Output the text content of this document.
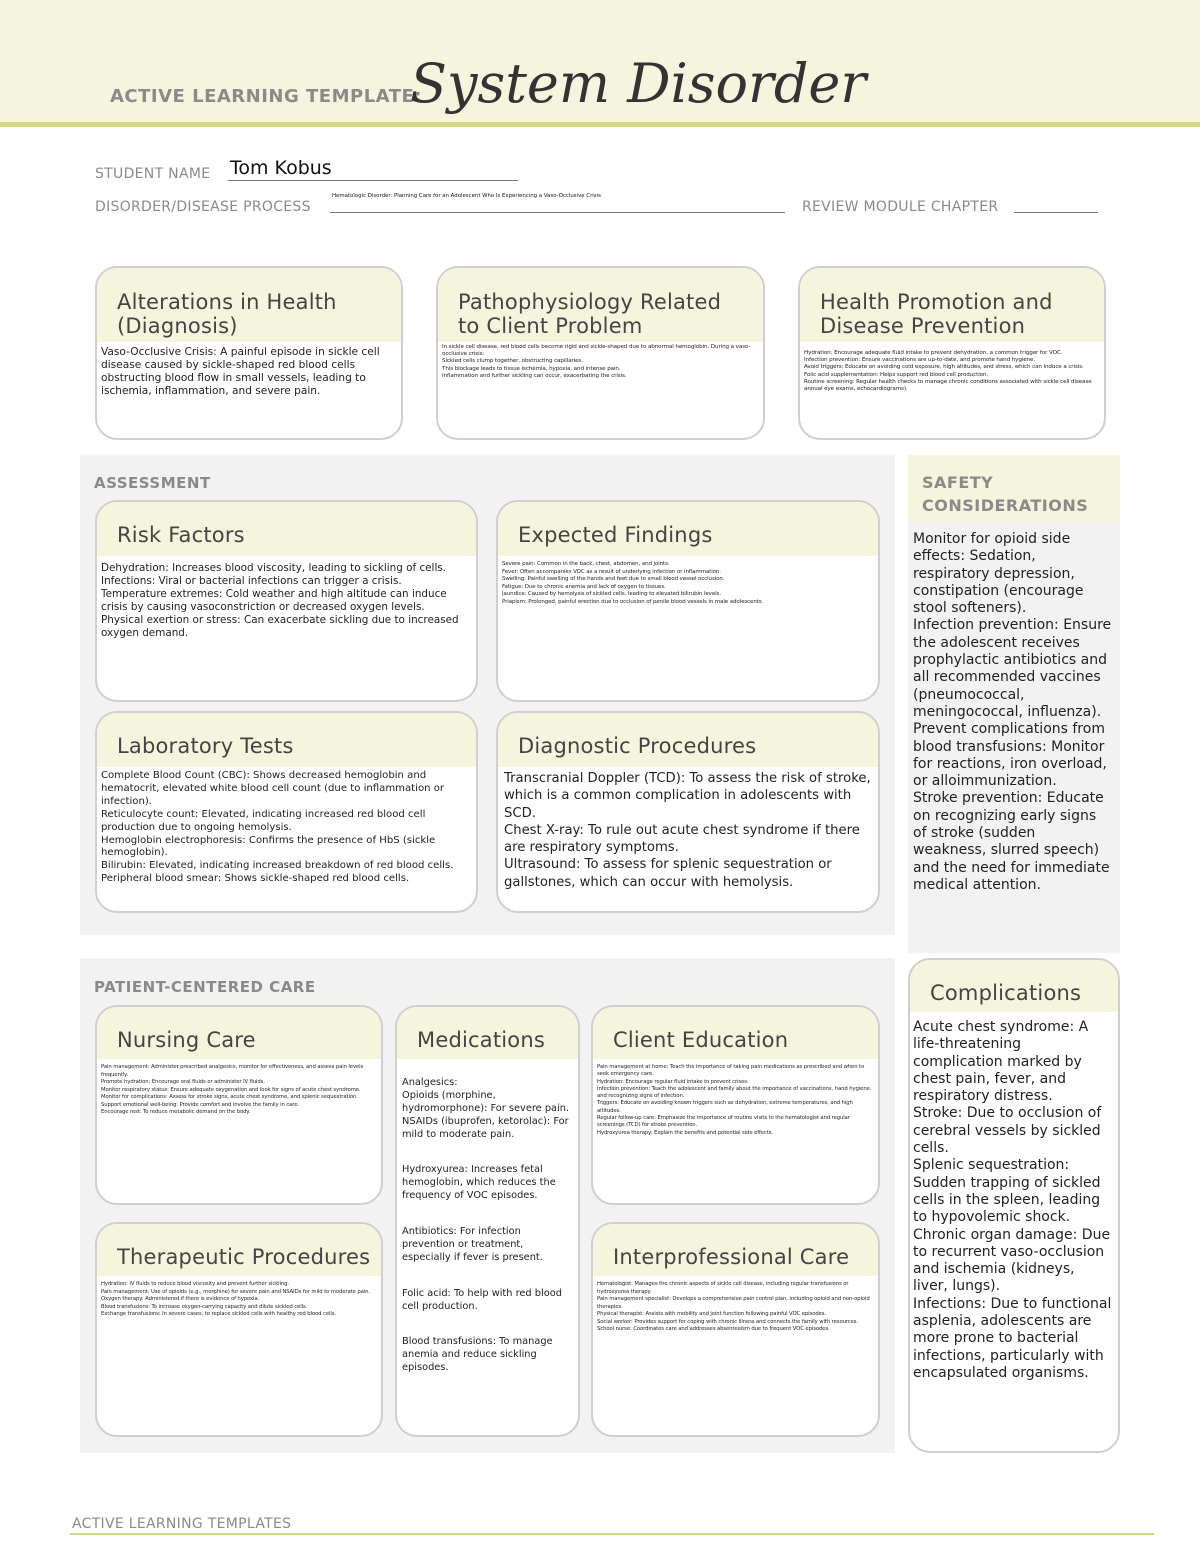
ACTIVE LEARNING TEMPLATE:
System Disorder
STUDENT NAME Tom Kobus
DISORDER/DISEASE PROCESS
Hematologic Disorder: Planning Care for an Adolescent Who Is Experiencing a Vaso-Occlusive Crisis
REVIEW MODULE CHAPTER
Alterations in Health (Diagnosis)
Vaso-Occlusive Crisis: A painful episode in sickle cell disease caused by sickle-shaped red blood cells obstructing blood flow in small vessels, leading to ischemia, inflammation, and severe pain.
Pathophysiology Related to Client Problem

In sickle cell disease, red blood cells become rigid and sickle-shaped due to abnormal hemoglobin. During a vaso-occlusive crisis:

Sickled cells clump together, obstructing capillaries.

This blockage leads to tissue ischemia, hypoxia, and intense pain.

Inflammation and further sickling can occur, exacerbating the crisis.

Health Promotion and Disease Prevention

Hydration: Encourage adequate fluid intake to prevent dehydration, a common trigger for VOC.

Infection prevention: Ensure vaccinations are up-to-date, and promote hand hygiene.

Avoid triggers: Educate on avoiding cold exposure, high altitudes, and stress, which can induce a crisis.

Folic acid supplementation: Helps support red blood cell production.

Routine screening: Regular health checks to manage chronic conditions associated with sickle cell disease annual eye exams, echocardiograms).

ASSESSMENT
Risk Factors

Dehydration: Increases blood viscosity, leading to sickling of cells.

Infections: Viral or bacterial infections can trigger a crisis.

Temperature extremes: Cold weather and high altitude can induce crisis by causing vasoconstriction or decreased oxygen levels.

Physical exertion or stress: Can exacerbate sickling due to increased oxygen demand.

Expected Findings

Severe pain: Common in the back, chest, abdomen, and joints.

Fever: Often accompanies VOC as a result of underlying infection or inflammation.

Swelling: Painful swelling of the hands and feet due to small blood vessel occlusion.

Fatigue: Due to chronic anemia and lack of oxygen to tissues.

Jaundice: Caused by hemolysis of sickled cells, leading to elevated bilirubin levels.

Priapism: Prolonged, painful erection due to occlusion of penile blood vessels in male adolescents.

Laboratory Tests

Complete Blood Count (CBC): Shows decreased hemoglobin and hematocrit, elevated white blood cell count (due to inflammation or infection).

Reticulocyte count: Elevated, indicating increased red blood cell production due to ongoing hemolysis.

Hemoglobin electrophoresis: Confirms the presence of HbS (sickle hemoglobin).

Bilirubin: Elevated, indicating increased breakdown of red blood cells.

Peripheral blood smear: Shows sickle-shaped red blood cells.

Diagnostic Procedures

Transcranial Doppler (TCD): To assess the risk of stroke, which is a common complication in adolescents with SCD.

Chest X-ray: To rule out acute chest syndrome if there are respiratory symptoms.

Ultrasound: To assess for splenic sequestration or gallstones, which can occur with hemolysis.

SAFETY
CONSIDERATIONS

Monitor for opioid side effects: Sedation, respiratory depression, constipation (encourage stool softeners).

Infection prevention: Ensure the adolescent receives prophylactic antibiotics and all recommended vaccines (pneumococcal, meningococcal, influenza).

Prevent complications from blood transfusions: Monitor for reactions, iron overload, or alloimmunization.

Stroke prevention: Educate on recognizing early signs of stroke (sudden weakness, slurred speech) and the need for immediate medical attention.

PATIENT-CENTERED CARE
Nursing Care

Pain management: Administer prescribed analgesics, monitor for effectiveness, and assess pain levels frequently.

Promote hydration: Encourage oral fluids or administer IV fluids.

Monitor respiratory status: Ensure adequate oxygenation and look for signs of acute chest syndrome.

Monitor for complications: Assess for stroke signs, acute chest syndrome, and splenic sequestration.

Support emotional well-being: Provide comfort and involve the family in care.

Encourage rest: To reduce metabolic demand on the body.

Medications

Analgesics:
Opioids (morphine, hydromorphone): For severe pain.
NSAIDs (ibuprofen, ketorolac): For mild to moderate pain.

Hydroxyurea: Increases fetal hemoglobin, which reduces the frequency of VOC episodes.

Antibiotics: For infection prevention or treatment, especially if fever is present.

Folic acid: To help with red blood cell production.

Blood transfusions: To manage anemia and reduce sickling episodes.

Client Education

Pain management at home: Teach the importance of taking pain medications as prescribed and when to seek emergency care.

Hydration: Encourage regular fluid intake to prevent crises.

Infection prevention: Teach the adolescent and family about the importance of vaccinations, hand hygiene, and recognizing signs of infection.

Triggers: Educate on avoiding known triggers such as dehydration, extreme temperatures, and high altitudes.

Regular follow-up care: Emphasize the importance of routine visits to the hematologist and regular screenings (TCD) for stroke prevention.

Hydroxyurea therapy: Explain the benefits and potential side effects.

Therapeutic Procedures

Hydration: IV fluids to reduce blood viscosity and prevent further sickling.

Pain management: Use of opioids (e.g., morphine) for severe pain and NSAIDs for mild to moderate pain.

Oxygen therapy: Administered if there is evidence of hypoxia.

Blood transfusions: To increase oxygen-carrying capacity and dilute sickled cells.

Exchange transfusions: In severe cases, to replace sickled cells with healthy red blood cells.

Interprofessional Care

Hematologist: Manages the chronic aspects of sickle cell disease, including regular transfusions or hydroxyurea therapy.

Pain management specialist: Develops a comprehensive pain control plan, including opioid and non-opioid therapies.

Physical therapist: Assists with mobility and joint function following painful VOC episodes.

Social worker: Provides support for coping with chronic illness and connects the family with resources.

School nurse: Coordinates care and addresses absenteeism due to frequent VOC episodes.

Complications

Acute chest syndrome: A life-threatening complication marked by chest pain, fever, and respiratory distress.

Stroke: Due to occlusion of cerebral vessels by sickled cells.

Splenic sequestration: Sudden trapping of sickled cells in the spleen, leading to hypovolemic shock.

Chronic organ damage: Due to recurrent vaso-occlusion and ischemia (kidneys, liver, lungs).

Infections: Due to functional asplenia, adolescents are more prone to bacterial infections, particularly with encapsulated organisms.

ACTIVE LEARNING TEMPLATES
